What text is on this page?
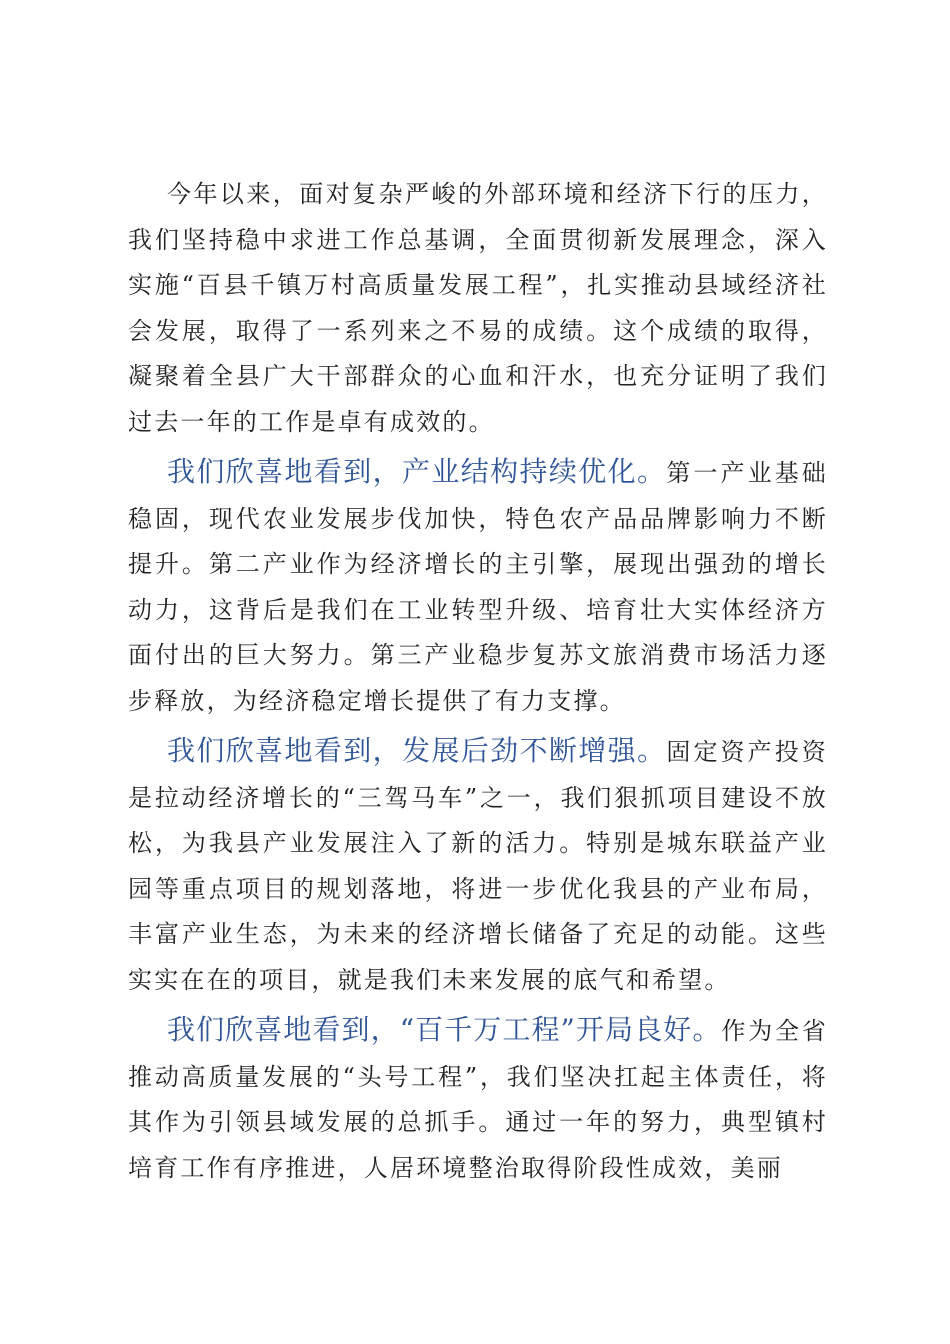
今年以来，面对复杂严峻的外部环境和经济下行的压力，我们坚持稳中求进工作总基调，全面贯彻新发展理念，深入实施“百县千镇万村高质量发展工程”，扎实推动县域经济社会发展，取得了一系列来之不易的成绩。这个成绩的取得，凝聚着全县广大干部群众的心血和汗水，也充分证明了我们过去一年的工作是卓有成效的。

我们欣喜地看到，产业结构持续优化。第一产业基础稳固，现代农业发展步伐加快，特色农产品品牌影响力不断提升。第二产业作为经济增长的主引擎，展现出强劲的增长动力，这背后是我们在工业转型升级、培育壮大实体经济方面付出的巨大努力。第三产业稳步复苏文旅消费市场活力逐步释放，为经济稳定增长提供了有力支撑。

我们欣喜地看到，发展后劲不断增强。固定资产投资是拉动经济增长的“三驾马车”之一，我们狠抓项目建设不放松，为我县产业发展注入了新的活力。特别是城东联益产业园等重点项目的规划落地，将进一步优化我县的产业布局，丰富产业生态，为未来的经济增长储备了充足的动能。这些实实在在的项目，就是我们未来发展的底气和希望。

我们欣喜地看到，“百千万工程”开局良好。作为全省推动高质量发展的“头号工程”，我们坚决扛起主体责任，将其作为引领县域发展的总抓手。通过一年的努力，典型镇村培育工作有序推进，人居环境整治取得阶段性成效，美丽
